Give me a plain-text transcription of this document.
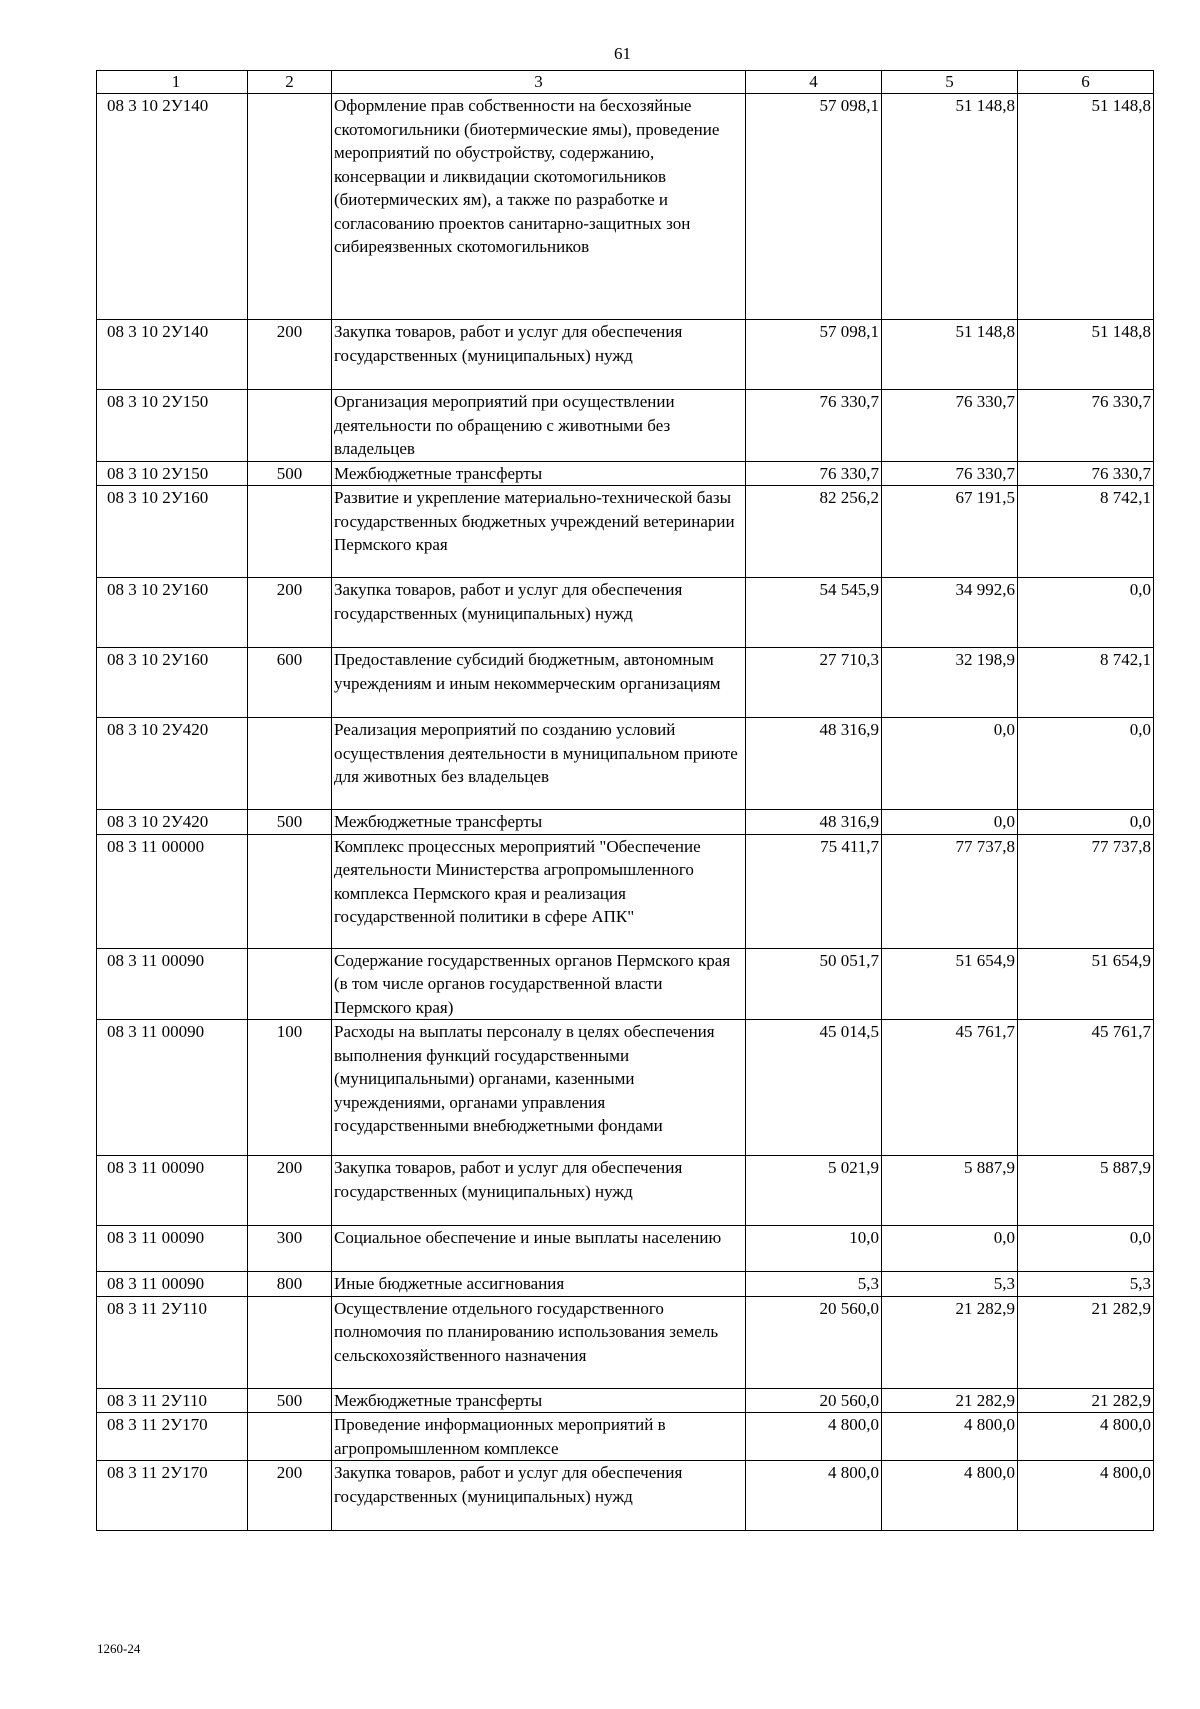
61
1	2	3	4	5	6
08 3 10 2У140		Оформление прав собственности на бесхозяйные скотомогильники (биотермические ямы), проведение мероприятий по обустройству, содержанию, консервации и ликвидации скотомогильников (биотермических ям), а также по разработке и согласованию проектов санитарно-защитных зон сибиреязвенных скотомогильников	57 098,1	51 148,8	51 148,8
08 3 10 2У140	200	Закупка товаров, работ и услуг для обеспечения государственных (муниципальных) нужд	57 098,1	51 148,8	51 148,8
08 3 10 2У150		Организация мероприятий при осуществлении деятельности по обращению с животными без владельцев	76 330,7	76 330,7	76 330,7
08 3 10 2У150	500	Межбюджетные трансферты	76 330,7	76 330,7	76 330,7
08 3 10 2У160		Развитие и укрепление материально-технической базы государственных бюджетных учреждений ветеринарии Пермского края	82 256,2	67 191,5	8 742,1
08 3 10 2У160	200	Закупка товаров, работ и услуг для обеспечения государственных (муниципальных) нужд	54 545,9	34 992,6	0,0
08 3 10 2У160	600	Предоставление субсидий бюджетным, автономным учреждениям и иным некоммерческим организациям	27 710,3	32 198,9	8 742,1
08 3 10 2У420		Реализация мероприятий по созданию условий осуществления деятельности в муниципальном приюте для животных без владельцев	48 316,9	0,0	0,0
08 3 10 2У420	500	Межбюджетные трансферты	48 316,9	0,0	0,0
08 3 11 00000		Комплекс процессных мероприятий "Обеспечение деятельности Министерства агропромышленного комплекса Пермского края и реализация государственной политики в сфере АПК"	75 411,7	77 737,8	77 737,8
08 3 11 00090		Содержание государственных органов Пермского края (в том числе органов государственной власти Пермского края)	50 051,7	51 654,9	51 654,9
08 3 11 00090	100	Расходы на выплаты персоналу в целях обеспечения выполнения функций государственными (муниципальными) органами, казенными учреждениями, органами управления государственными внебюджетными фондами	45 014,5	45 761,7	45 761,7
08 3 11 00090	200	Закупка товаров, работ и услуг для обеспечения государственных (муниципальных) нужд	5 021,9	5 887,9	5 887,9
08 3 11 00090	300	Социальное обеспечение и иные выплаты населению	10,0	0,0	0,0
08 3 11 00090	800	Иные бюджетные ассигнования	5,3	5,3	5,3
08 3 11 2У110		Осуществление отдельного государственного полномочия по планированию использования земель сельскохозяйственного назначения	20 560,0	21 282,9	21 282,9
08 3 11 2У110	500	Межбюджетные трансферты	20 560,0	21 282,9	21 282,9
08 3 11 2У170		Проведение информационных мероприятий в агропромышленном комплексе	4 800,0	4 800,0	4 800,0
08 3 11 2У170	200	Закупка товаров, работ и услуг для обеспечения государственных (муниципальных) нужд	4 800,0	4 800,0	4 800,0
1260-24
